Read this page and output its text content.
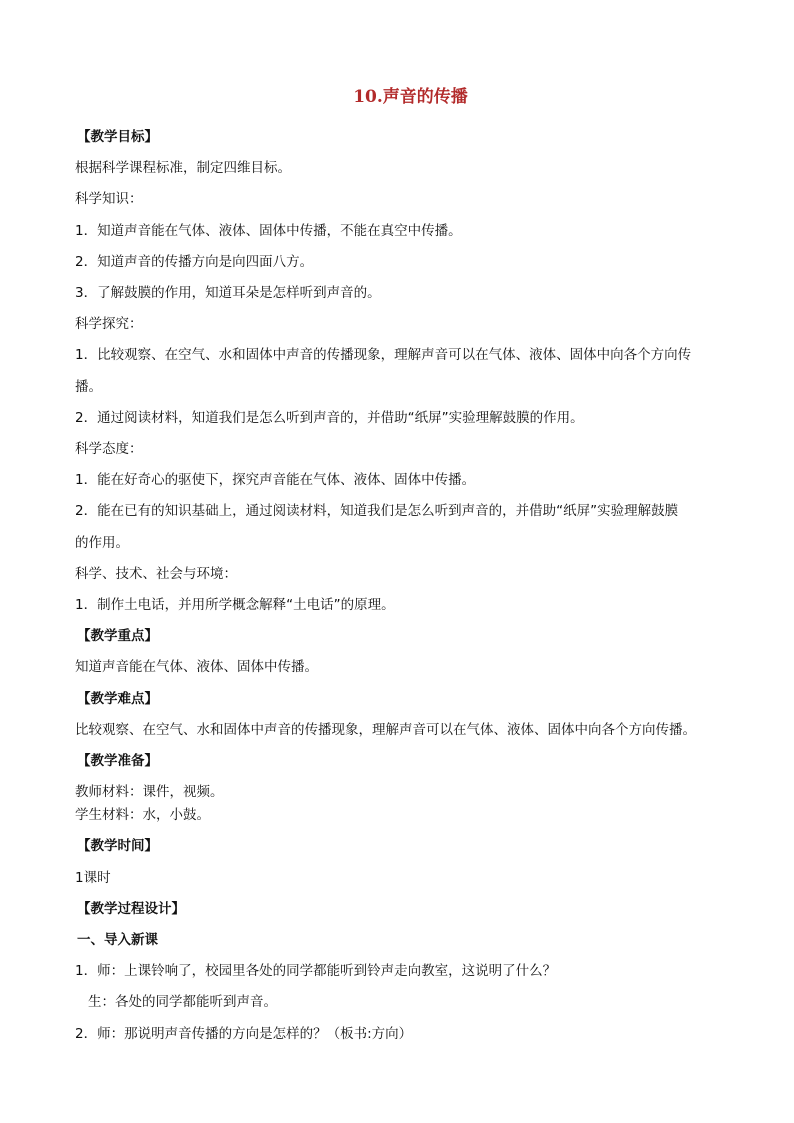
10.声音的传播
【教学目标】
根据科学课程标准，制定四维目标。
科学知识：
1．知道声音能在气体、液体、固体中传播，不能在真空中传播。
2．知道声音的传播方向是向四面八方。
3．了解鼓膜的作用，知道耳朵是怎样听到声音的。
科学探究：
1．比较观察、在空气、水和固体中声音的传播现象，理解声音可以在气体、液体、固体中向各个方向传
播。
2．通过阅读材料，知道我们是怎么听到声音的，并借助“纸屏”实验理解鼓膜的作用。
科学态度：
1．能在好奇心的驱使下，探究声音能在气体、液体、固体中传播。
2．能在已有的知识基础上，通过阅读材料，知道我们是怎么听到声音的，并借助“纸屏”实验理解鼓膜
的作用。
科学、技术、社会与环境：
1．制作土电话，并用所学概念解释“土电话”的原理。
【教学重点】
知道声音能在气体、液体、固体中传播。
【教学难点】
比较观察、在空气、水和固体中声音的传播现象，理解声音可以在气体、液体、固体中向各个方向传播。
【教学准备】
教师材料：课件，视频。
学生材料：水，小鼓。
【教学时间】
1课时
【教学过程设计】
一、导入新课
1．师：上课铃响了，校园里各处的同学都能听到铃声走向教室，这说明了什么？
生：各处的同学都能听到声音。
2．师：那说明声音传播的方向是怎样的？（板书:方向）
